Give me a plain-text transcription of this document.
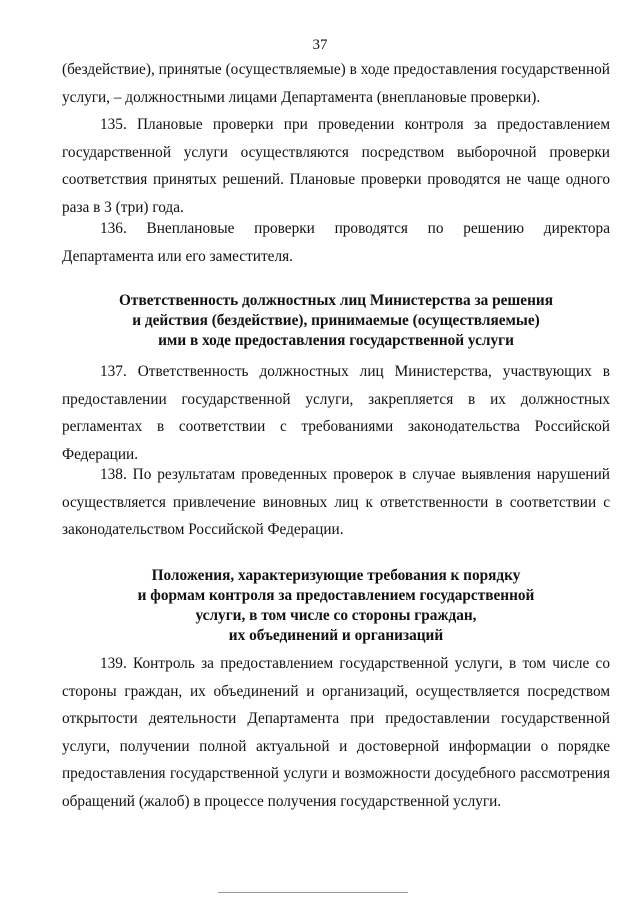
37

(бездействие), принятые (осуществляемые) в ходе предоставления государственной услуги, – должностными лицами Департамента (внеплановые проверки).

135. Плановые проверки при проведении контроля за предоставлением государственной услуги осуществляются посредством выборочной проверки соответствия принятых решений. Плановые проверки проводятся не чаще одного раза в 3 (три) года.

136. Внеплановые проверки проводятся по решению директора Департамента или его заместителя.

Ответственность должностных лиц Министерства за решения
и действия (бездействие), принимаемые (осуществляемые)
ими в ходе предоставления государственной услуги

137. Ответственность должностных лиц Министерства, участвующих в предоставлении государственной услуги, закрепляется в их должностных регламентах в соответствии с требованиями законодательства Российской Федерации.

138. По результатам проведенных проверок в случае выявления нарушений осуществляется привлечение виновных лиц к ответственности в соответствии с законодательством Российской Федерации.

Положения, характеризующие требования к порядку
и формам контроля за предоставлением государственной
услуги, в том числе со стороны граждан,
их объединений и организаций

139. Контроль за предоставлением государственной услуги, в том числе со стороны граждан, их объединений и организаций, осуществляется посредством открытости деятельности Департамента при предоставлении государственной услуги, получении полной актуальной и достоверной информации о порядке предоставления государственной услуги и возможности досудебного рассмотрения обращений (жалоб) в процессе получения государственной услуги.
